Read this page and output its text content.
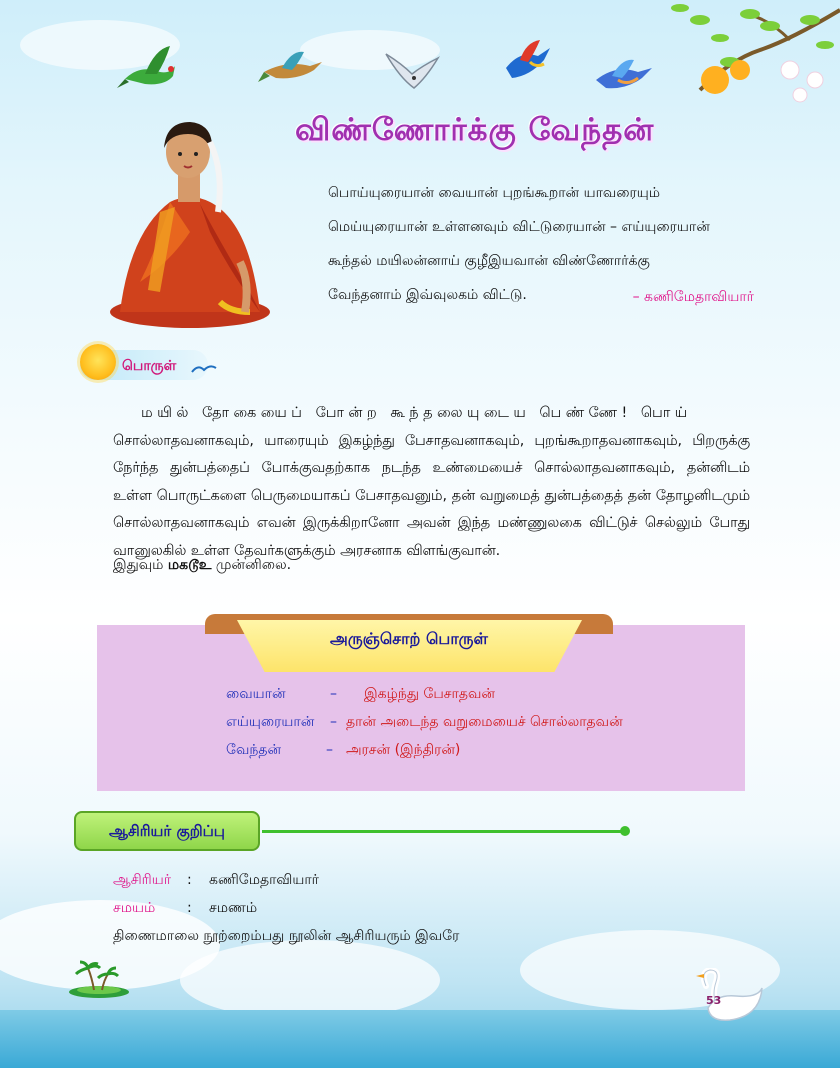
விண்ணோர்க்கு வேந்தன்
பொய்யுரையான் வையான் புறங்கூறான் யாவரையும்
மெய்யுரையான் உள்ளனவும் விட்டுரையான் – எய்யுரையான்
கூந்தல் மயிலன்னாய் குழீஇயவான் விண்ணோர்க்கு
வேந்தனாம் இவ்வுலகம் விட்டு.	– கணிமேதாவியார்
பொருள்

மயில் தோகையைப் போன்ற கூந்தலையுடைய பெண்ணே! பொய்

சொல்லாதவனாகவும், யாரையும் இகழ்ந்து பேசாதவனாகவும், புறங்கூறாதவனாகவும், பிறருக்கு நேர்ந்த துன்பத்தைப் போக்குவதற்காக நடந்த உண்மையைச் சொல்லாதவனாகவும், தன்னிடம் உள்ள பொருட்களை பெருமையாகப் பேசாதவனும், தன் வறுமைத் துன்பத்தைத் தன் தோழனிடமும் சொல்லாதவனாகவும் எவன் இருக்கிறானோ அவன் இந்த மண்ணுலகை விட்டுச் செல்லும் போது வானுலகில் உள்ள தேவர்களுக்கும் அரசனாக விளங்குவான்.

இதுவும் மகடூஉ முன்னிலை.
அருஞ்சொற் பொருள்
வையான்	– இகழ்ந்து பேசாதவன்
எய்யுரையான் – தான் அடைந்த வறுமையைச் சொல்லாதவன்
வேந்தன்	– அரசன் (இந்திரன்)
ஆசிரியர் குறிப்பு
ஆசிரியர் : கணிமேதாவியார்
சமயம் : சமணம்
திணைமாலை நூற்றைம்பது நூலின் ஆசிரியரும் இவரே
53
